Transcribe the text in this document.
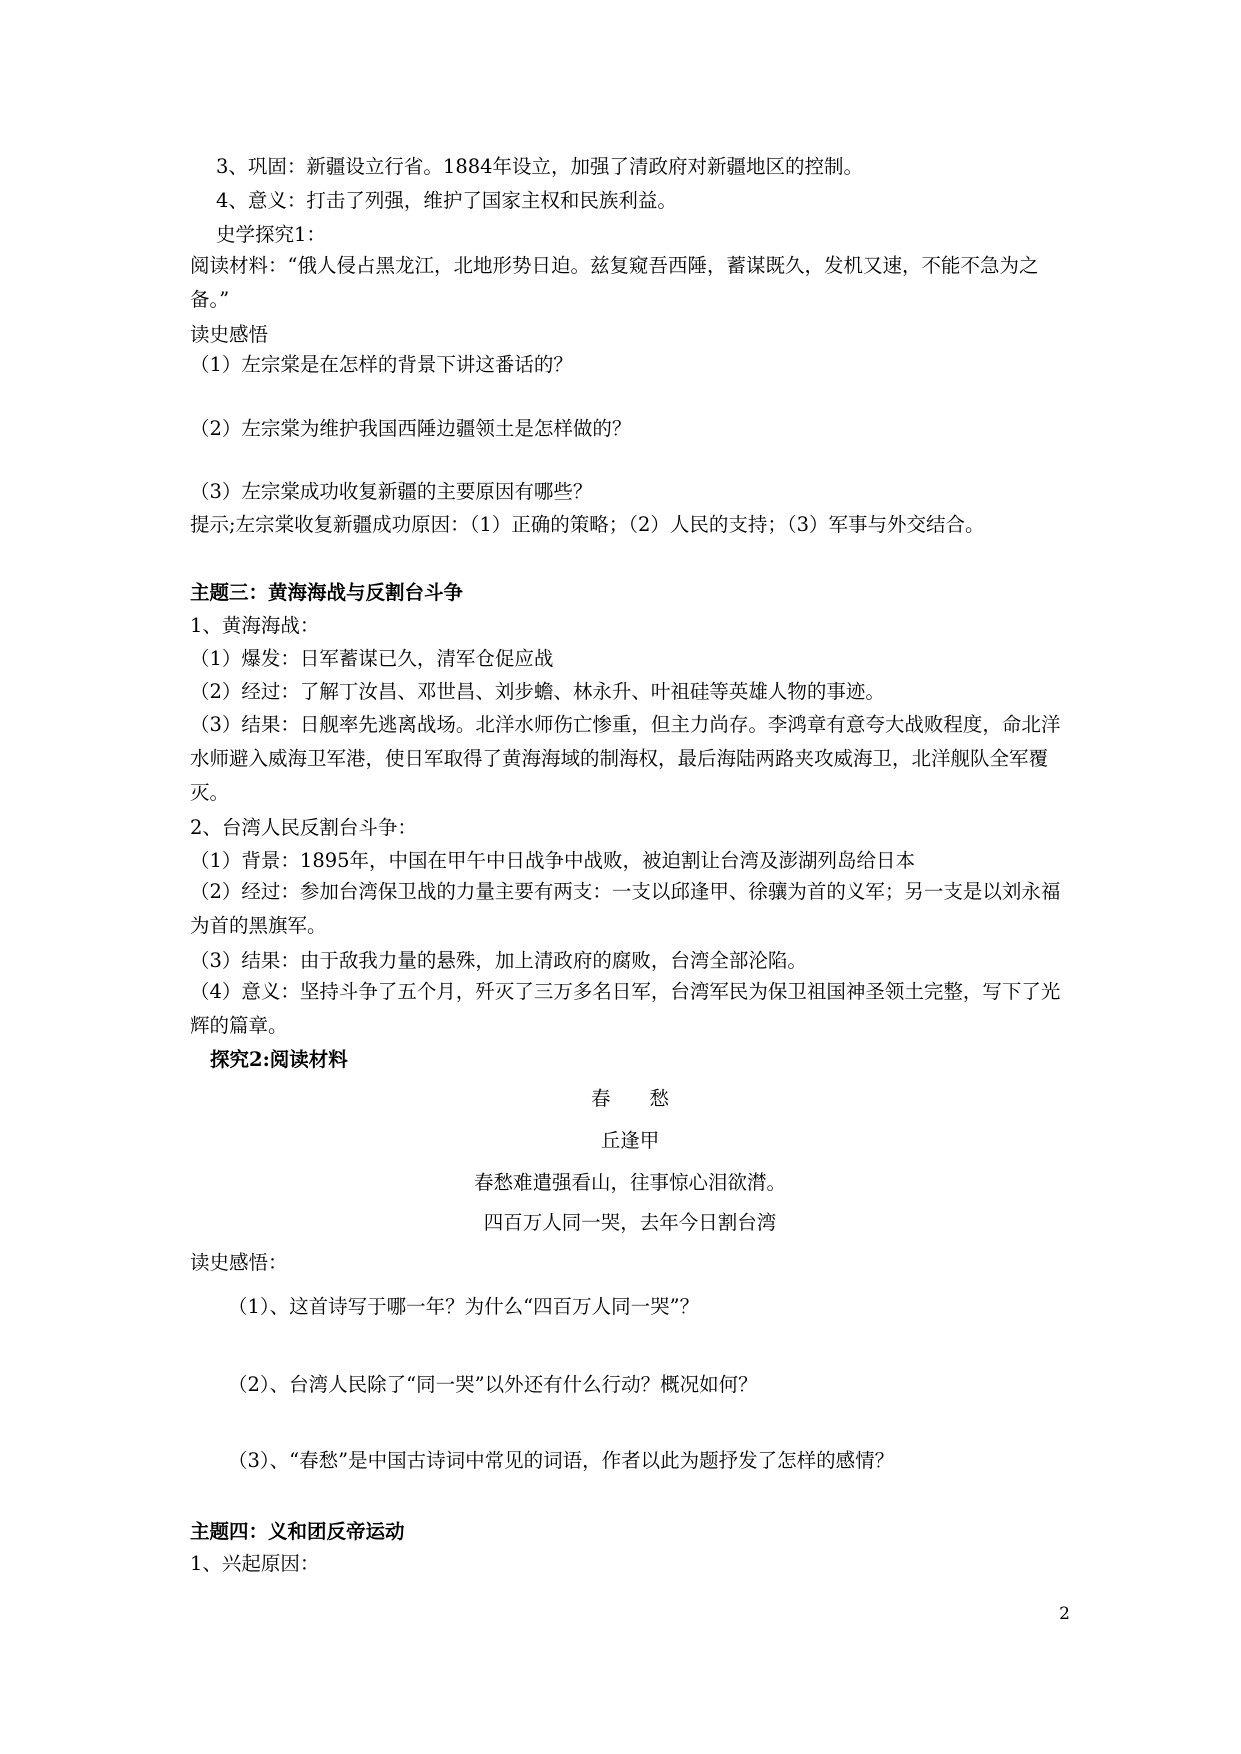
3、巩固：新疆设立行省。1884年设立，加强了清政府对新疆地区的控制。

4、意义：打击了列强，维护了国家主权和民族利益。

史学探究1：

阅读材料：“俄人侵占黑龙江，北地形势日迫。兹复窥吾西陲，蓄谋既久，发机又速，不能不急为之备。”

读史感悟

（1）左宗棠是在怎样的背景下讲这番话的？

（2）左宗棠为维护我国西陲边疆领土是怎样做的？

（3）左宗棠成功收复新疆的主要原因有哪些？

提示;左宗棠收复新疆成功原因：（1）正确的策略；（2）人民的支持；（3）军事与外交结合。

主题三：黄海海战与反割台斗争

1、黄海海战：

（1）爆发：日军蓄谋已久，清军仓促应战

（2）经过：了解丁汝昌、邓世昌、刘步蟾、林永升、叶祖硅等英雄人物的事迹。

（3）结果：日舰率先逃离战场。北洋水师伤亡惨重，但主力尚存。李鸿章有意夸大战败程度，命北洋水师避入威海卫军港，使日军取得了黄海海域的制海权，最后海陆两路夹攻威海卫，北洋舰队全军覆灭。

2、台湾人民反割台斗争：

（1）背景：1895年，中国在甲午中日战争中战败，被迫割让台湾及澎湖列岛给日本

（2）经过：参加台湾保卫战的力量主要有两支：一支以邱逢甲、徐骧为首的义军；另一支是以刘永福为首的黑旗军。

（3）结果：由于敌我力量的悬殊，加上清政府的腐败，台湾全部沦陷。

（4）意义：坚持斗争了五个月，歼灭了三万多名日军，台湾军民为保卫祖国神圣领土完整，写下了光辉的篇章。

探究2:阅读材料

春　　愁

丘逢甲

春愁难遣强看山，往事惊心泪欲潸。

四百万人同一哭，去年今日割台湾

读史感悟：

（1）、这首诗写于哪一年？为什么“四百万人同一哭”？

（2）、台湾人民除了“同一哭”以外还有什么行动？概况如何？

（3）、“春愁”是中国古诗词中常见的词语，作者以此为题抒发了怎样的感情？

主题四：义和团反帝运动

1、兴起原因：

2
